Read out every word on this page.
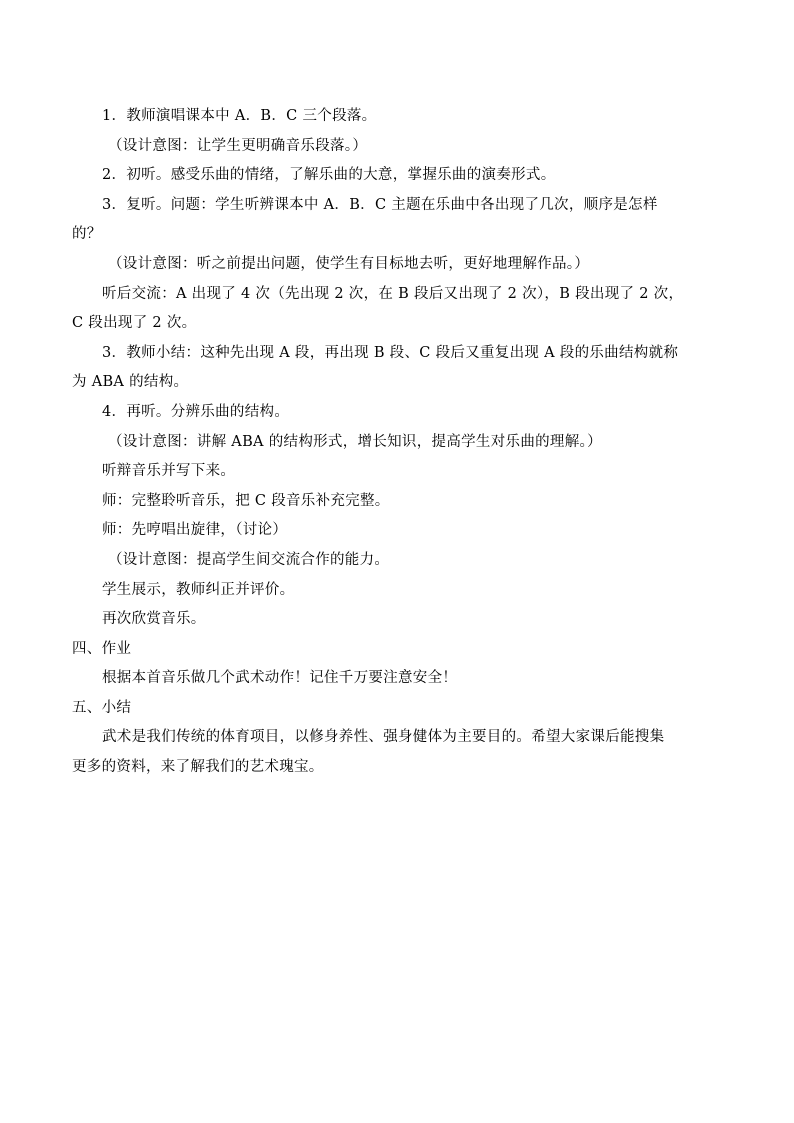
1．教师演唱课本中 A．B．C 三个段落。
（设计意图：让学生更明确音乐段落。）
2．初听。感受乐曲的情绪，了解乐曲的大意，掌握乐曲的演奏形式。
3．复听。问题：学生听辨课本中 A．B．C 主题在乐曲中各出现了几次，顺序是怎样
的？
（设计意图：听之前提出问题，使学生有目标地去听，更好地理解作品。）
听后交流：A 出现了 4 次（先出现 2 次，在 B 段后又出现了 2 次），B 段出现了 2 次，
C 段出现了 2 次。
3．教师小结：这种先出现 A 段，再出现 B 段、C 段后又重复出现 A 段的乐曲结构就称
为 ABA 的结构。
4．再听。分辨乐曲的结构。
（设计意图：讲解 ABA 的结构形式，增长知识，提高学生对乐曲的理解。）
听辩音乐并写下来。
师：完整聆听音乐，把 C 段音乐补充完整。
师：先哼唱出旋律，（讨论）
（设计意图：提高学生间交流合作的能力。
学生展示，教师纠正并评价。
再次欣赏音乐。
四、作业
根据本首音乐做几个武术动作！记住千万要注意安全！
五、小结
武术是我们传统的体育项目，以修身养性、强身健体为主要目的。希望大家课后能搜集
更多的资料，来了解我们的艺术瑰宝。
